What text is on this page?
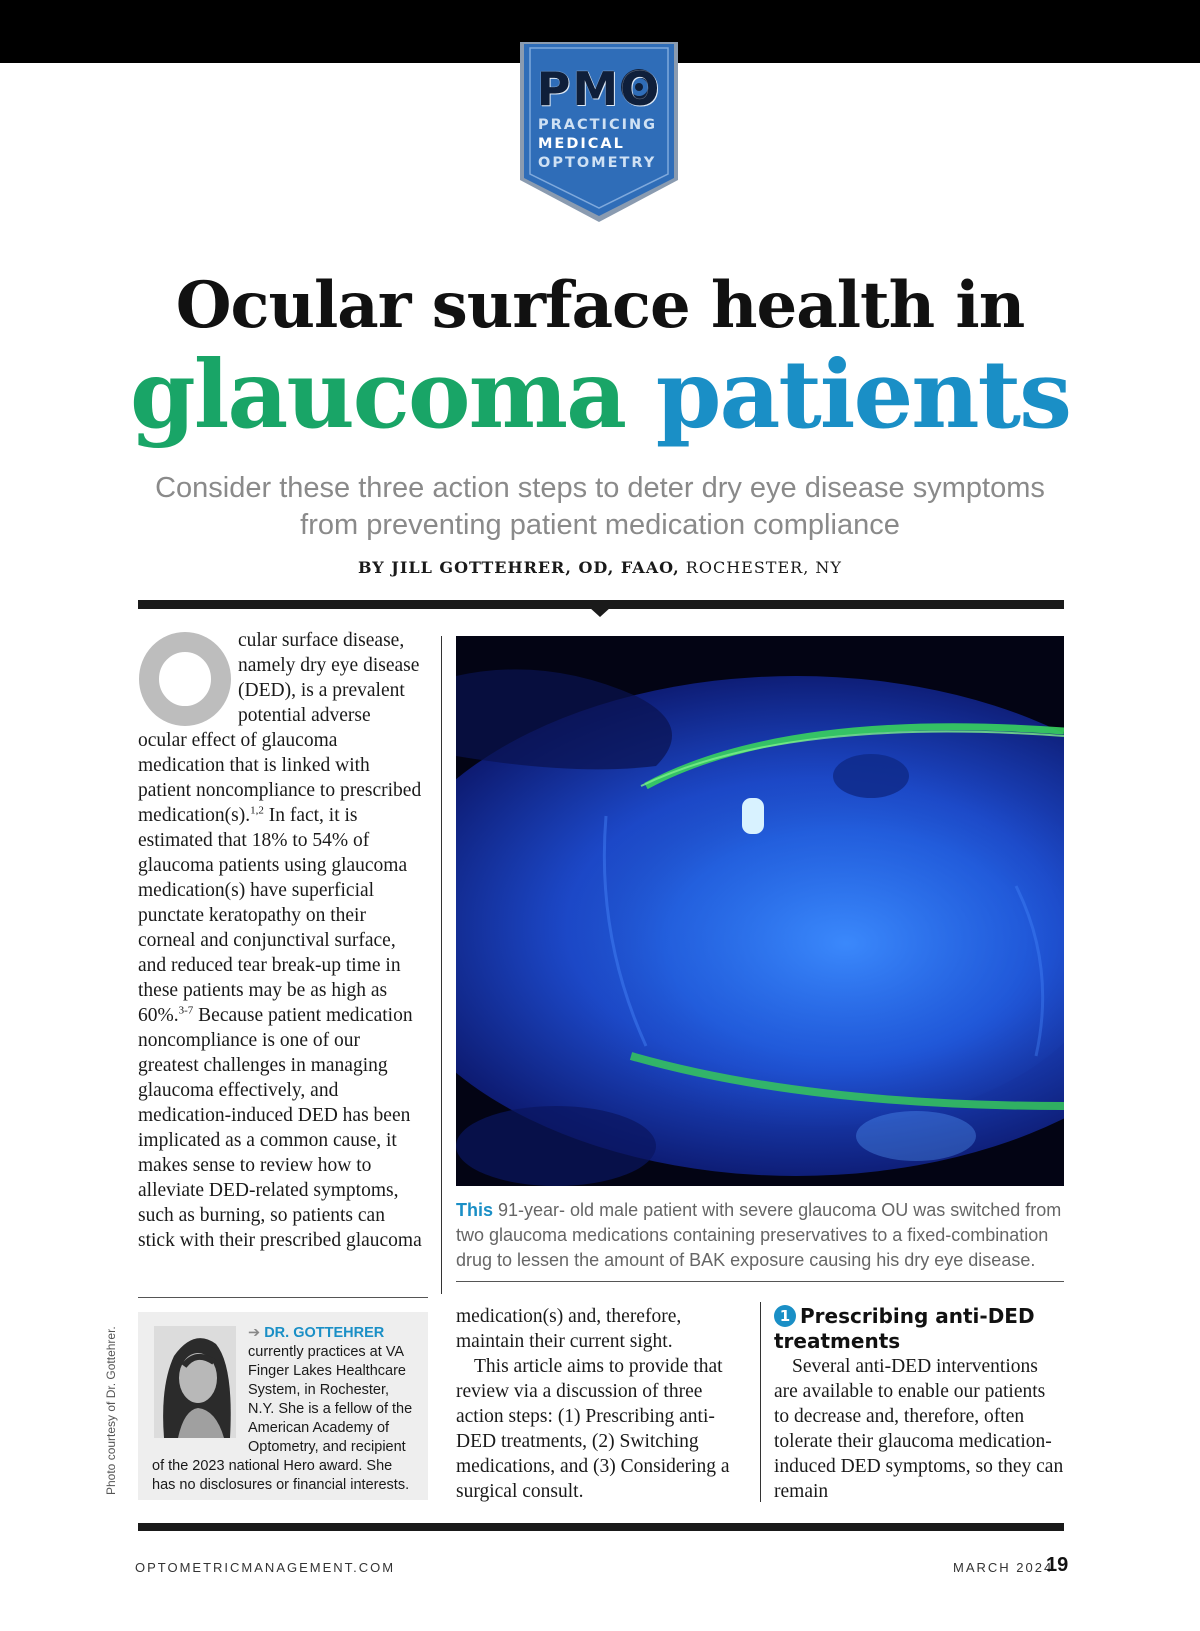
PMO
PRACTICING
MEDICAL
OPTOMETRY
Ocular surface health in
glaucoma patients
Consider these three action steps to deter dry eye disease symptoms
from preventing patient medication compliance
BY JILL GOTTEHRER, OD, FAAO, ROCHESTER, NY
cular surface disease, namely dry eye disease (DED), is a prevalent potential adverse ocular effect of glaucoma medication that is linked with patient noncompliance to prescribed medication(s).$^{1,2}$ In fact, it is estimated that 18% to 54% of glaucoma patients using glaucoma medication(s) have superficial punctate keratopathy on their corneal and conjunctival surface, and reduced tear break-up time in these patients may be as high as 60%.$^{3-7}$ Because patient medication noncompliance is one of our greatest challenges in managing glaucoma effectively, and medication-induced DED has been implicated as a common cause, it makes sense to review how to alleviate DED-related symptoms, such as burning, so patients can stick with their prescribed glaucoma
This 91-year- old male patient with severe glaucoma OU was switched from two glaucoma medications containing preservatives to a fixed-combination drug to lessen the amount of BAK exposure causing his dry eye disease.
Photo courtesy of Dr. Gottehrer.	➔ DR. GOTTEHRER currently practices at VA Finger Lakes Healthcare System, in Rochester, N.Y. She is a fellow of the American Academy of Optometry, and recipient of the 2023 national Hero award. She has no disclosures or financial interests.

medication(s) and, therefore, maintain their current sight.

This article aims to provide that review via a discussion of three action steps: (1) Prescribing anti-DED treatments, (2) Switching medications, and (3) Considering a surgical consult.

1 Prescribing anti-DED treatments

Several anti-DED interventions are available to enable our patients to decrease and, therefore, often tolerate their glaucoma medication-induced DED symptoms, so they can remain

OPTOMETRICMANAGEMENT.COM	MARCH 2024
19
